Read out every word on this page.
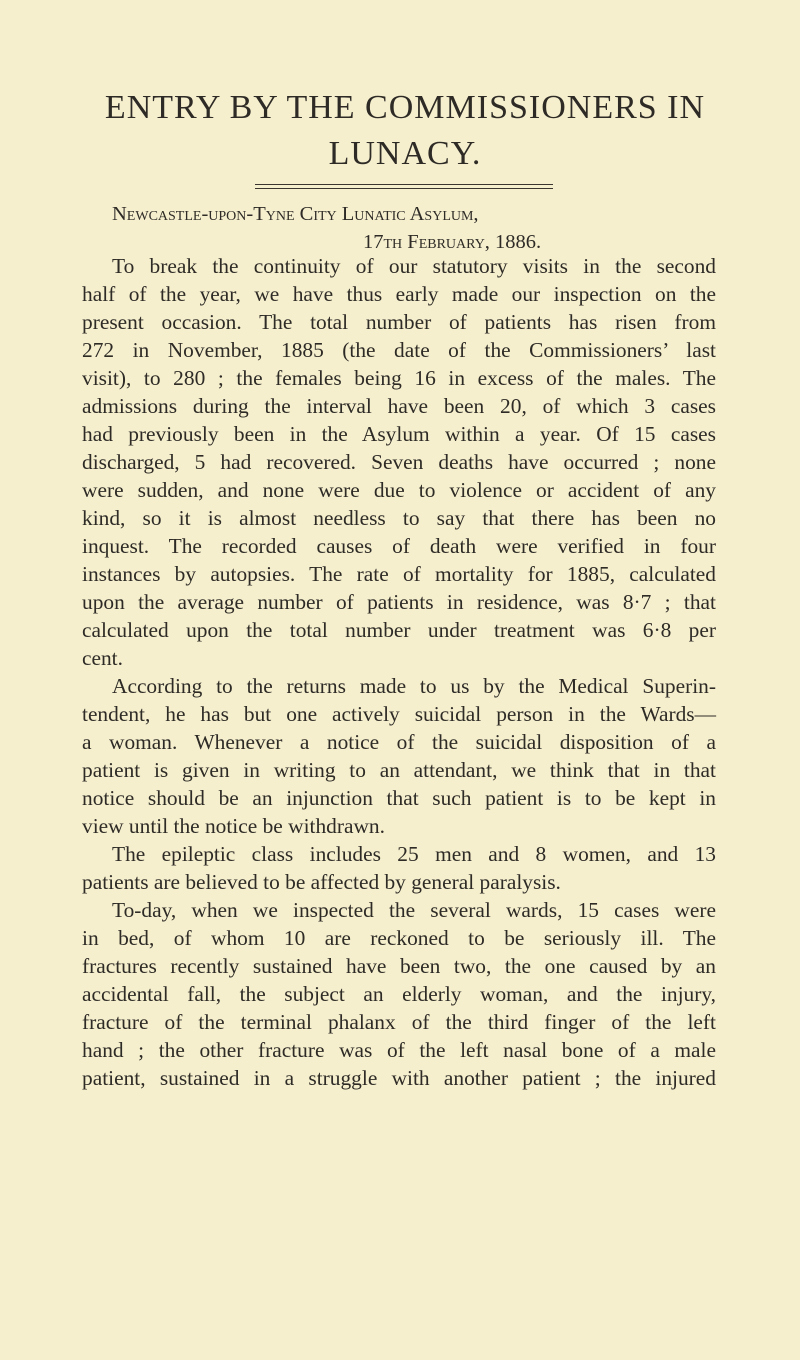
ENTRY BY THE COMMISSIONERS IN
LUNACY.
Newcastle-upon-Tyne City Lunatic Asylum,
17th February, 1886.
To break the continuity of our statutory visits in the second
half of the year, we have thus early made our inspection on the
present occasion. The total number of patients has risen from
272 in November, 1885 (the date of the Commissioners’ last
visit), to 280 ; the females being 16 in excess of the males. The
admissions during the interval have been 20, of which 3 cases
had previously been in the Asylum within a year. Of 15 cases
discharged, 5 had recovered. Seven deaths have occurred ; none
were sudden, and none were due to violence or accident of any
kind, so it is almost needless to say that there has been no
inquest. The recorded causes of death were verified in four
instances by autopsies. The rate of mortality for 1885, calculated
upon the average number of patients in residence, was 8·7 ; that
calculated upon the total number under treatment was 6·8 per
cent.
According to the returns made to us by the Medical Superin-
tendent, he has but one actively suicidal person in the Wards—
a woman. Whenever a notice of the suicidal disposition of a
patient is given in writing to an attendant, we think that in that
notice should be an injunction that such patient is to be kept in
view until the notice be withdrawn.
The epileptic class includes 25 men and 8 women, and 13
patients are believed to be affected by general paralysis.
To-day, when we inspected the several wards, 15 cases were
in bed, of whom 10 are reckoned to be seriously ill. The
fractures recently sustained have been two, the one caused by an
accidental fall, the subject an elderly woman, and the injury,
fracture of the terminal phalanx of the third finger of the left
hand ; the other fracture was of the left nasal bone of a male
patient, sustained in a struggle with another patient ; the injured
